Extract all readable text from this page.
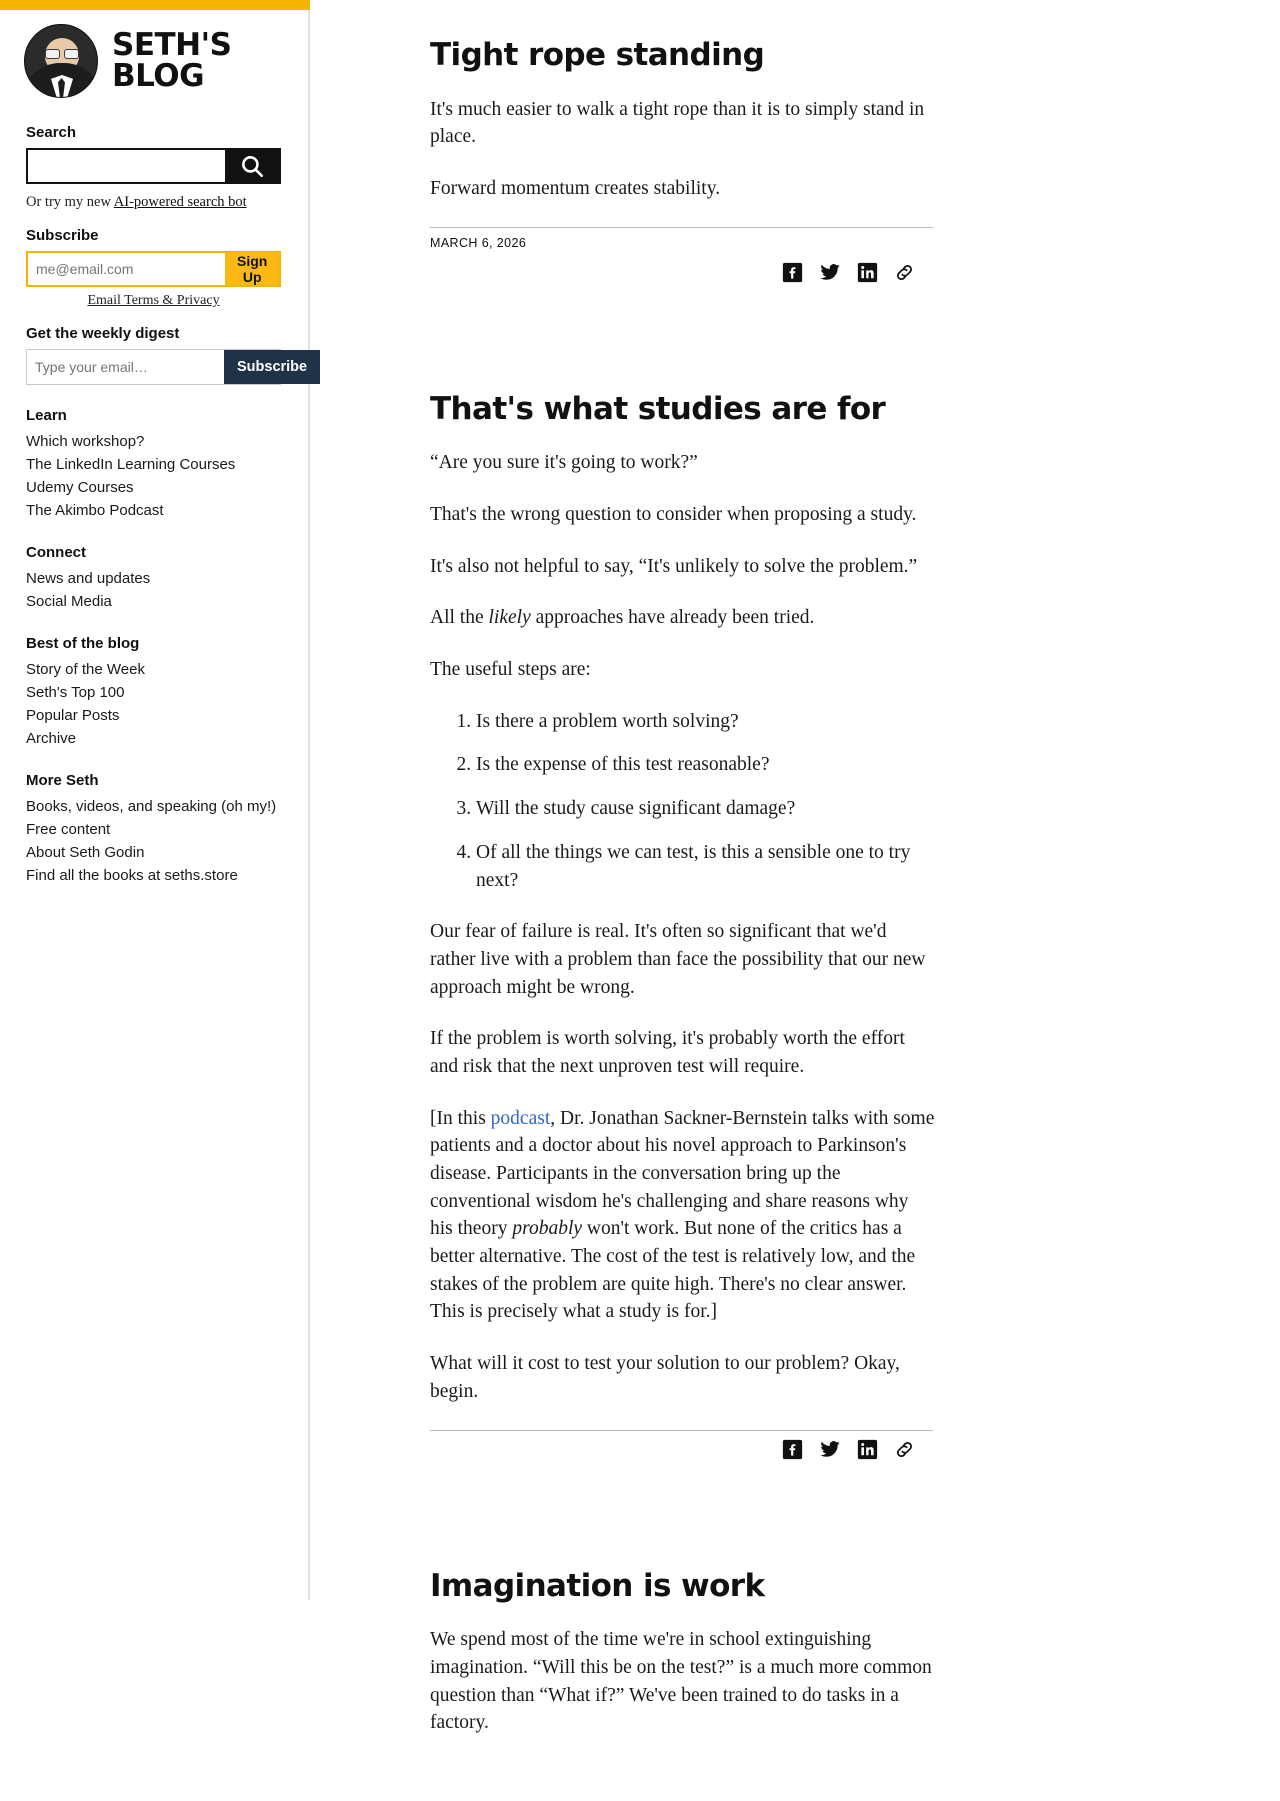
SETH'S BLOG
Search
Or try my new AI-powered search bot
Subscribe
me@email.com
Sign Up
Email Terms & Privacy
Get the weekly digest
Type your email…
Subscribe
Learn
Which workshop?
The LinkedIn Learning Courses
Udemy Courses
The Akimbo Podcast
Connect
News and updates
Social Media
Best of the blog
Story of the Week
Seth's Top 100
Popular Posts
Archive
More Seth
Books, videos, and speaking (oh my!)
Free content
About Seth Godin
Find all the books at seths.store
Tight rope standing

It's much easier to walk a tight rope than it is to simply stand in place.

Forward momentum creates stability.

MARCH 6, 2026
That's what studies are for

“Are you sure it's going to work?”

That's the wrong question to consider when proposing a study.

It's also not helpful to say, “It's unlikely to solve the problem.”

All the likely approaches have already been tried.

The useful steps are:

1. Is there a problem worth solving?
2. Is the expense of this test reasonable?
3. Will the study cause significant damage?
4. Of all the things we can test, is this a sensible one to try next?

Our fear of failure is real. It's often so significant that we'd rather live with a problem than face the possibility that our new approach might be wrong.

If the problem is worth solving, it's probably worth the effort and risk that the next unproven test will require.

[In this podcast, Dr. Jonathan Sackner-Bernstein talks with some patients and a doctor about his novel approach to Parkinson's disease. Participants in the conversation bring up the conventional wisdom he's challenging and share reasons why his theory probably won't work. But none of the critics has a better alternative. The cost of the test is relatively low, and the stakes of the problem are quite high. There's no clear answer. This is precisely what a study is for.]

What will it cost to test your solution to our problem? Okay, begin.

Imagination is work

We spend most of the time we're in school extinguishing imagination. “Will this be on the test?” is a much more common question than “What if?” We've been trained to do tasks in a factory.
